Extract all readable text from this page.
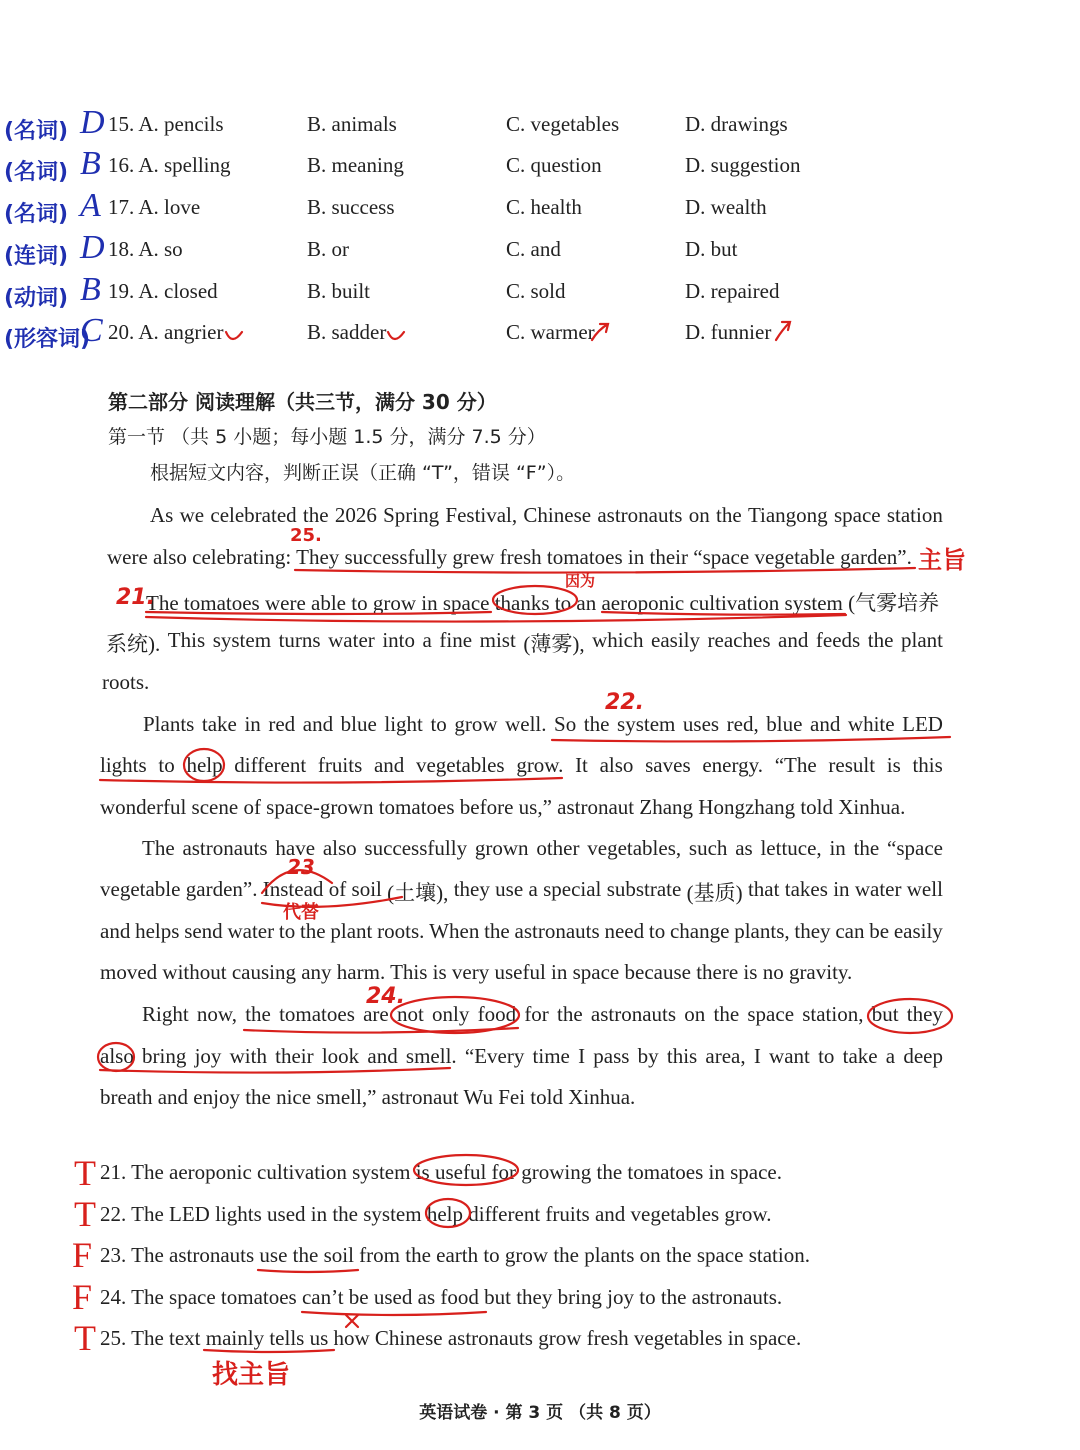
(名词) D 15. A. pencils	B. animals	C. vegetables	D. drawings
(名词) B 16. A. spelling	B. meaning	C. question	D. suggestion
(名词) A 17. A. love	B. success	C. health	D. wealth
(连词) D 18. A. so	B. or	C. and	D. but
(动词) B 19. A. closed	B. built	C. sold	D. repaired
(形容词)
C 20. A. angrier	B. sadder	C. warmer	D. funnier
第二部分 阅读理解（共三节，满分 30 分）
第一节 （共 5 小题；每小题 1.5 分，满分 7.5 分）
根据短文内容，判断正误（正确 “T”，错误 “F”）。
As we celebrated the 2026 Spring Festival, Chinese astronauts on the Tiangong space station
were also celebrating: They successfully grew fresh tomatoes in their “space vegetable garden”.
The tomatoes were able to grow in space thanks to an aeroponic cultivation system (气雾培养
系统). This system turns water into a fine mist (薄雾), which easily reaches and feeds the plant
roots.
Plants take in red and blue light to grow well. So the system uses red, blue and white LED
lights to help different fruits and vegetables grow. It also saves energy. “The result is this
wonderful scene of space-grown tomatoes before us,” astronaut Zhang Hongzhang told Xinhua.
The astronauts have also successfully grown other vegetables, such as lettuce, in the “space
vegetable garden”. Instead of soil (土壤), they use a special substrate (基质) that takes in water well
and helps send water to the plant roots. When the astronauts need to change plants, they can be easily
moved without causing any harm. This is very useful in space because there is no gravity.
Right now, the tomatoes are not only food for the astronauts on the space station, but they
also bring joy with their look and smell. “Every time I pass by this area, I want to take a deep
breath and enjoy the nice smell,” astronaut Wu Fei told Xinhua.
T 21. The aeroponic cultivation system is useful for growing the tomatoes in space.
T 22. The LED lights used in the system help different fruits and vegetables grow.
F 23. The astronauts use the soil from the earth to grow the plants on the space station.
F 24. The space tomatoes can’t be used as food but they bring joy to the astronauts.
T 25. The text mainly tells us how Chinese astronauts grow fresh vegetables in space.
25.
主旨
21.
因为
22.
23
代替
24.
找主旨
英语试卷 · 第 3 页 （共 8 页）
